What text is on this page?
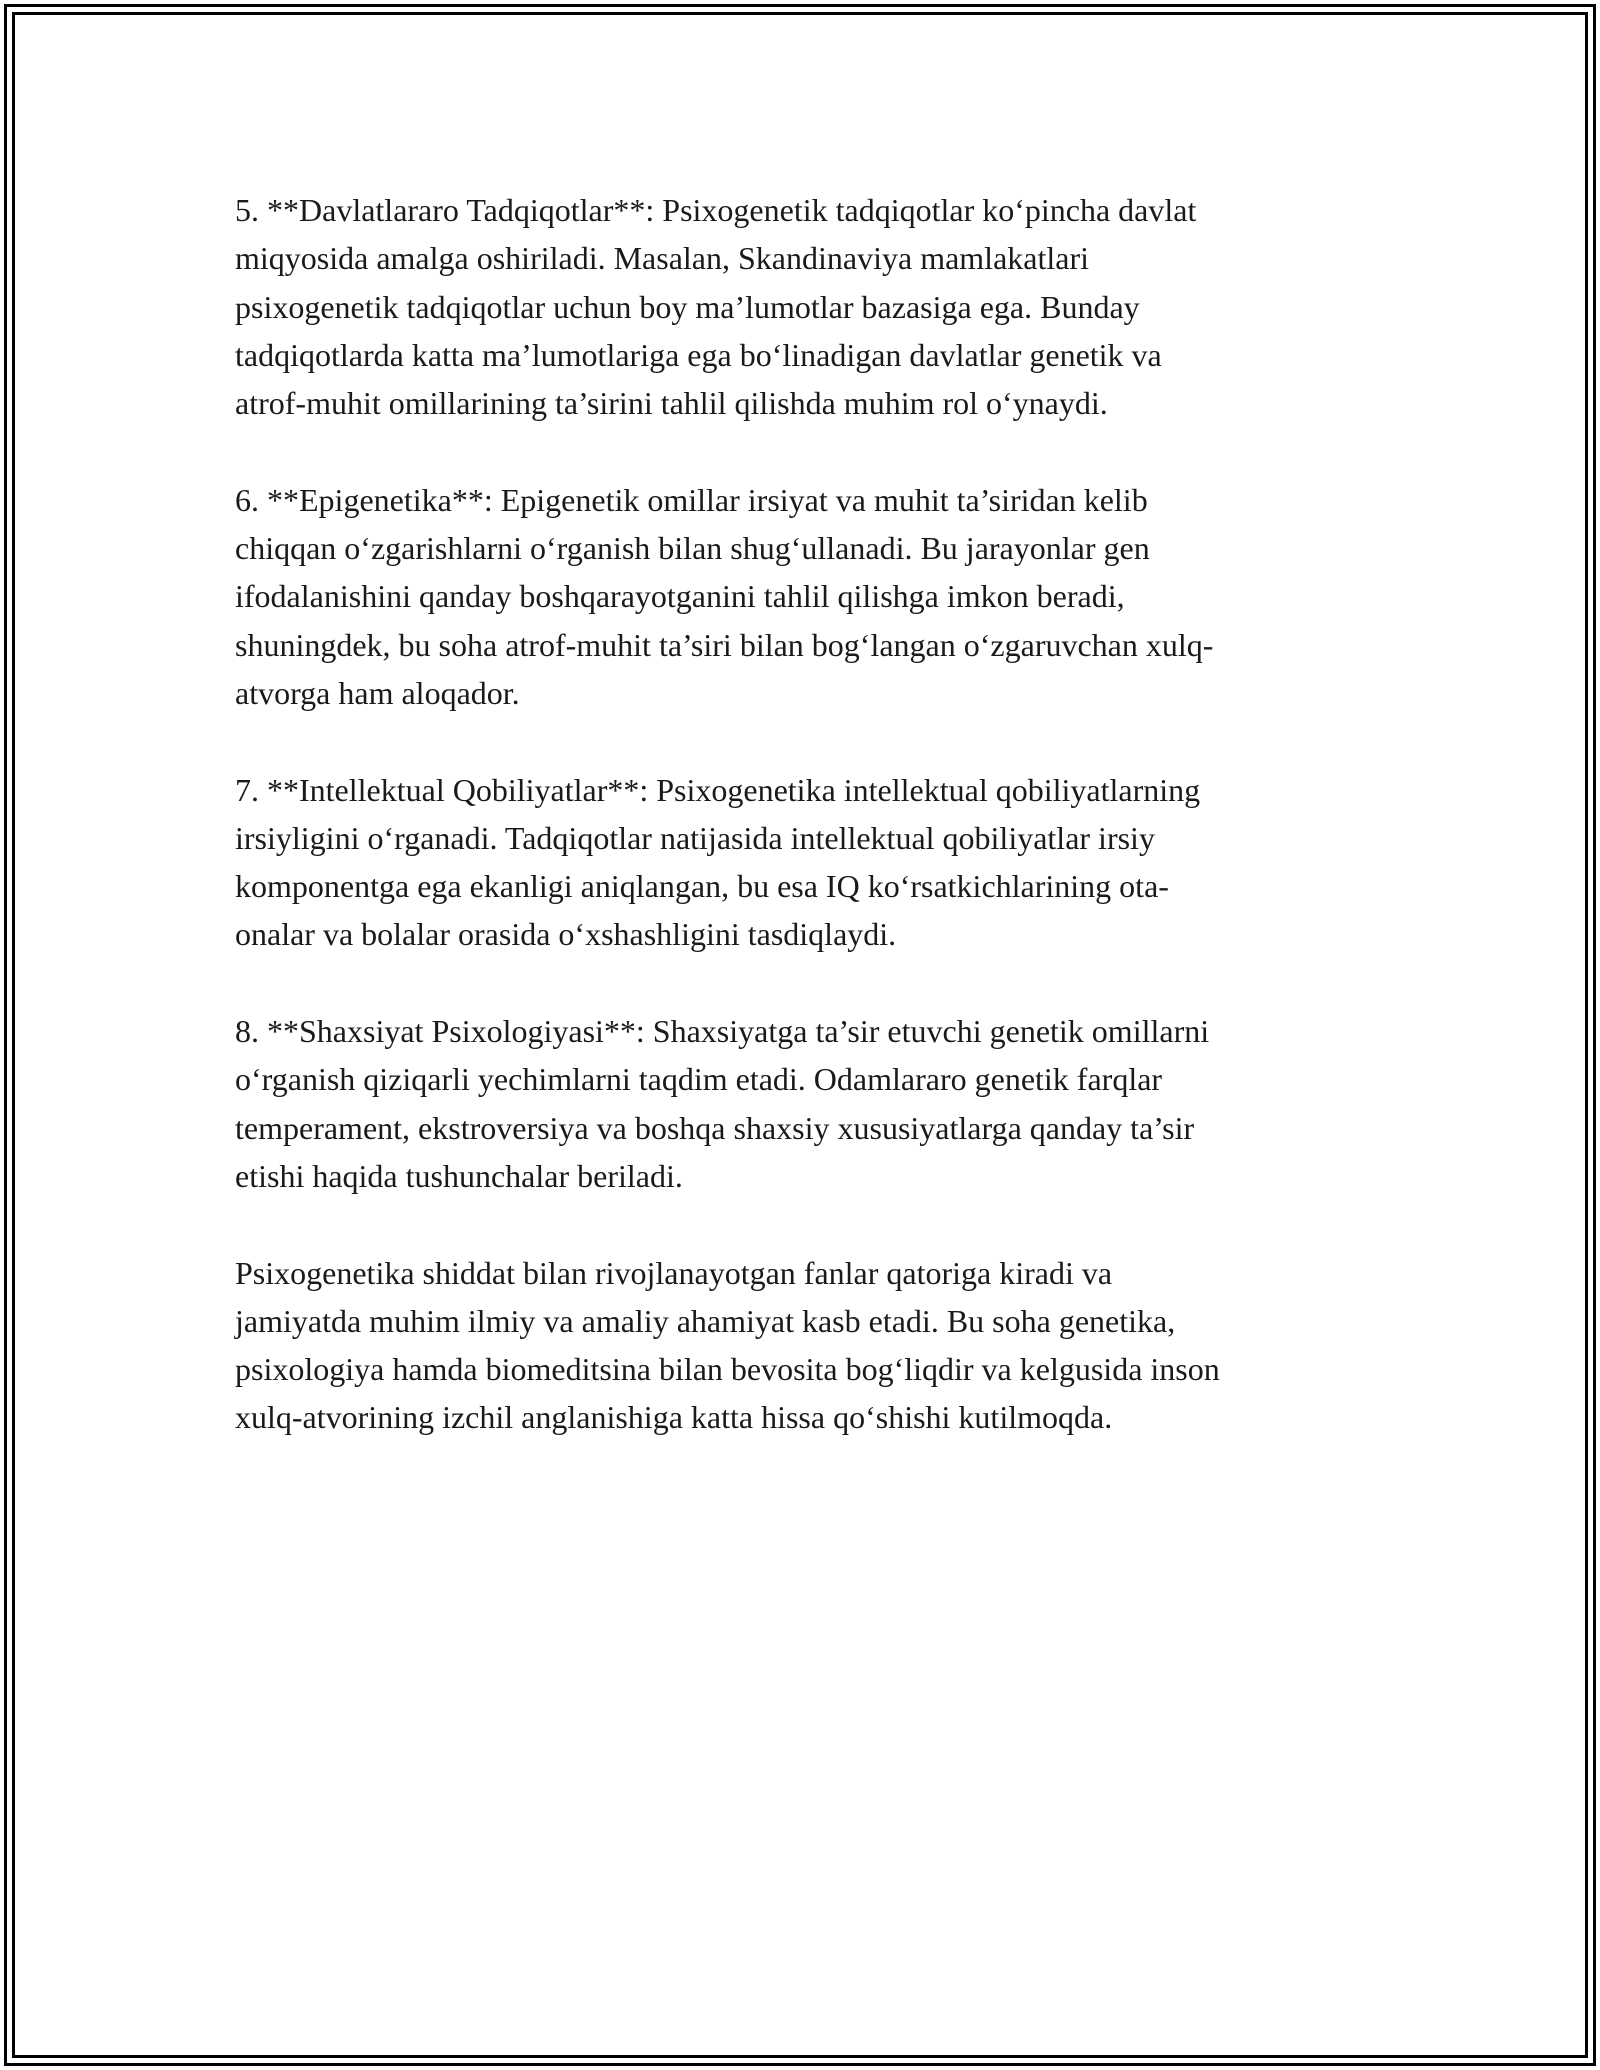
5. **Davlatlararo Tadqiqotlar**: Psixogenetik tadqiqotlar ko‘pincha davlat
miqyosida amalga oshiriladi. Masalan, Skandinaviya mamlakatlari
psixogenetik tadqiqotlar uchun boy ma’lumotlar bazasiga ega. Bunday
tadqiqotlarda katta ma’lumotlariga ega bo‘linadigan davlatlar genetik va
atrof-muhit omillarining ta’sirini tahlil qilishda muhim rol o‘ynaydi.

6. **Epigenetika**: Epigenetik omillar irsiyat va muhit ta’siridan kelib
chiqqan o‘zgarishlarni o‘rganish bilan shug‘ullanadi. Bu jarayonlar gen
ifodalanishini qanday boshqarayotganini tahlil qilishga imkon beradi,
shuningdek, bu soha atrof-muhit ta’siri bilan bog‘langan o‘zgaruvchan xulq-
atvorga ham aloqador.

7. **Intellektual Qobiliyatlar**: Psixogenetika intellektual qobiliyatlarning
irsiyligini o‘rganadi. Tadqiqotlar natijasida intellektual qobiliyatlar irsiy
komponentga ega ekanligi aniqlangan, bu esa IQ ko‘rsatkichlarining ota-
onalar va bolalar orasida o‘xshashligini tasdiqlaydi.

8. **Shaxsiyat Psixologiyasi**: Shaxsiyatga ta’sir etuvchi genetik omillarni
o‘rganish qiziqarli yechimlarni taqdim etadi. Odamlararo genetik farqlar
temperament, ekstroversiya va boshqa shaxsiy xususiyatlarga qanday ta’sir
etishi haqida tushunchalar beriladi.

Psixogenetika shiddat bilan rivojlanayotgan fanlar qatoriga kiradi va
jamiyatda muhim ilmiy va amaliy ahamiyat kasb etadi. Bu soha genetika,
psixologiya hamda biomeditsina bilan bevosita bog‘liqdir va kelgusida inson
xulq-atvorining izchil anglanishiga katta hissa qo‘shishi kutilmoqda.
